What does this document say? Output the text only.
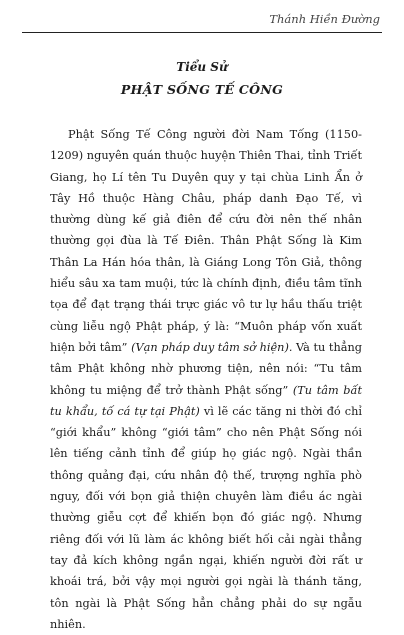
Thánh Hiền Đường
Tiểu Sử
PHẬT SỐNG TẾ CÔNG

Phật Sống Tế Công người đời Nam Tống (1150-1209) nguyên quán thuộc huyện Thiên Thai, tỉnh Triết Giang, họ Lí tên Tu Duyên quy y tại chùa Linh Ẩn ở Tây Hồ thuộc Hàng Châu, pháp danh Đạo Tế, vì thường dùng kế giả điên để cứu đời nên thế nhân thường gọi đùa là Tế Điên. Thân Phật Sống là Kim Thân La Hán hóa thân, là Giáng Long Tôn Giả, thông hiểu sâu xa tam muội, tức là chính định, điều tâm tĩnh tọa để đạt trạng thái trực giác vô tư lự hầu thấu triệt cùng liễu ngộ Phật pháp, ý là: “Muôn pháp vốn xuất hiện bởi tâm” (Vạn pháp duy tâm sở hiện). Và tu thẳng tâm Phật không nhờ phương tiện, nên nói: “Tu tâm không tu miệng để trở thành Phật sống” (Tu tâm bất tu khẩu, tố cá tự tại Phật) vì lẽ các tăng ni thời đó chỉ “giới khẩu” không “giới tâm” cho nên Phật Sống nói lên tiếng cảnh tỉnh để giúp họ giác ngộ. Ngài thần thông quảng đại, cứu nhân độ thế, trượng nghĩa phò nguy, đối với bọn giả thiện chuyên làm điều ác ngài thường giễu cợt để khiến bọn đó giác ngộ. Nhưng riêng đối với lũ làm ác không biết hối cải ngài thẳng tay đả kích không ngần ngại, khiến người đời rất ư khoái trá, bởi vậy mọi người gọi ngài là thánh tăng, tôn ngài là Phật Sống hẳn chẳng phải do sự ngẫu nhiên.
